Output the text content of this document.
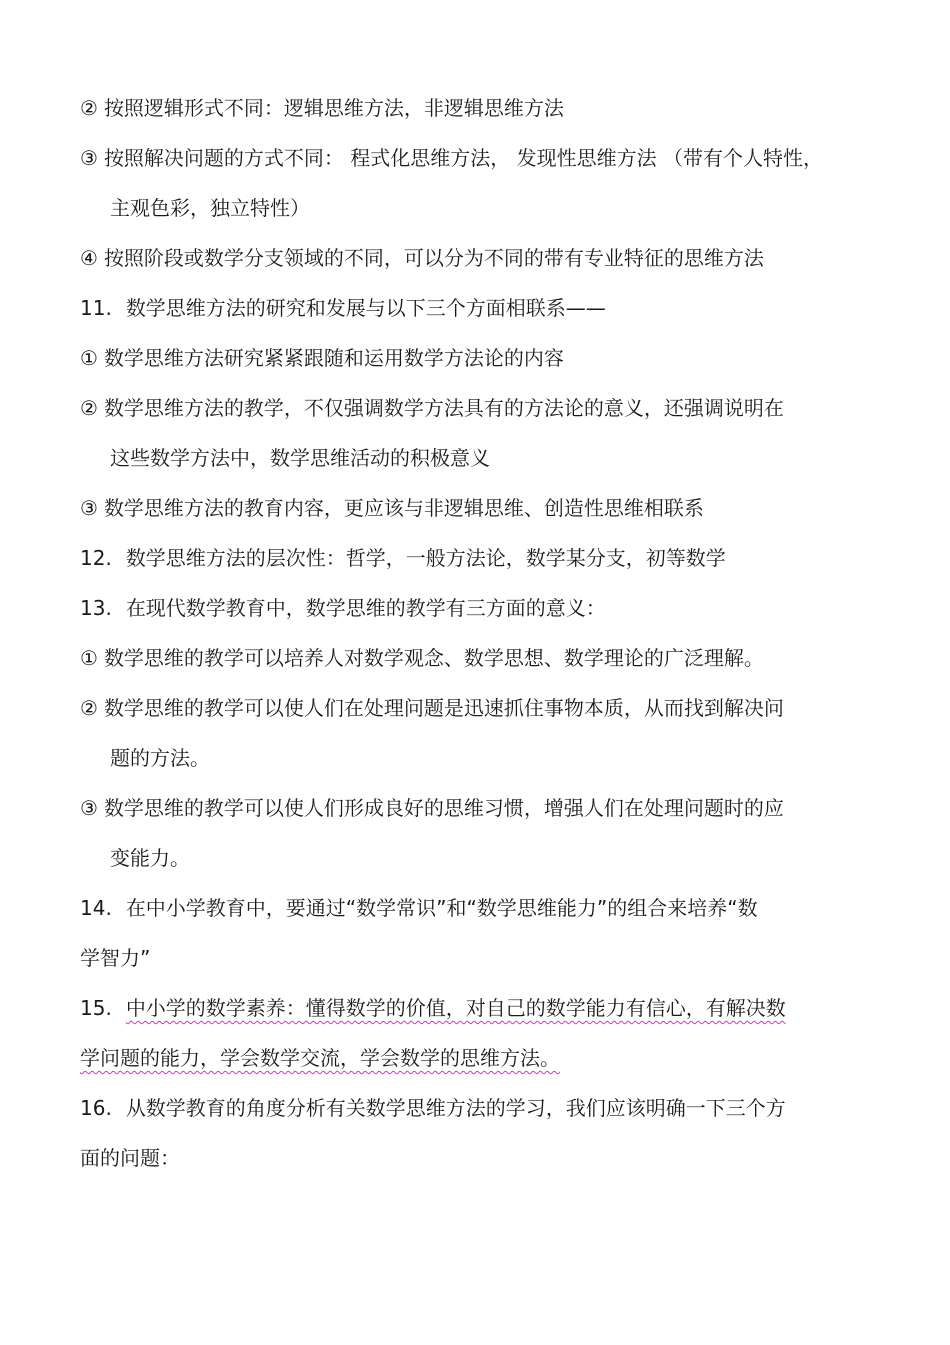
② 按照逻辑形式不同：逻辑思维方法，非逻辑思维方法
③ 按照解决问题的方式不同： 程式化思维方法， 发现性思维方法 （带有个人特性，
主观色彩，独立特性）
④ 按照阶段或数学分支领域的不同，可以分为不同的带有专业特征的思维方法
11. 数学思维方法的研究和发展与以下三个方面相联系——
① 数学思维方法研究紧紧跟随和运用数学方法论的内容
② 数学思维方法的教学，不仅强调数学方法具有的方法论的意义，还强调说明在
这些数学方法中，数学思维活动的积极意义
③ 数学思维方法的教育内容，更应该与非逻辑思维、创造性思维相联系
12. 数学思维方法的层次性：哲学，一般方法论，数学某分支，初等数学
13. 在现代数学教育中，数学思维的教学有三方面的意义：
① 数学思维的教学可以培养人对数学观念、数学思想、数学理论的广泛理解。
② 数学思维的教学可以使人们在处理问题是迅速抓住事物本质，从而找到解决问
题的方法。
③ 数学思维的教学可以使人们形成良好的思维习惯，增强人们在处理问题时的应
变能力。
14. 在中小学教育中，要通过“数学常识”和“数学思维能力”的组合来培养“数
学智力”
15. 中小学的数学素养：懂得数学的价值，对自己的数学能力有信心，有解决数
学问题的能力，学会数学交流，学会数学的思维方法。
16. 从数学教育的角度分析有关数学思维方法的学习，我们应该明确一下三个方
面的问题：
